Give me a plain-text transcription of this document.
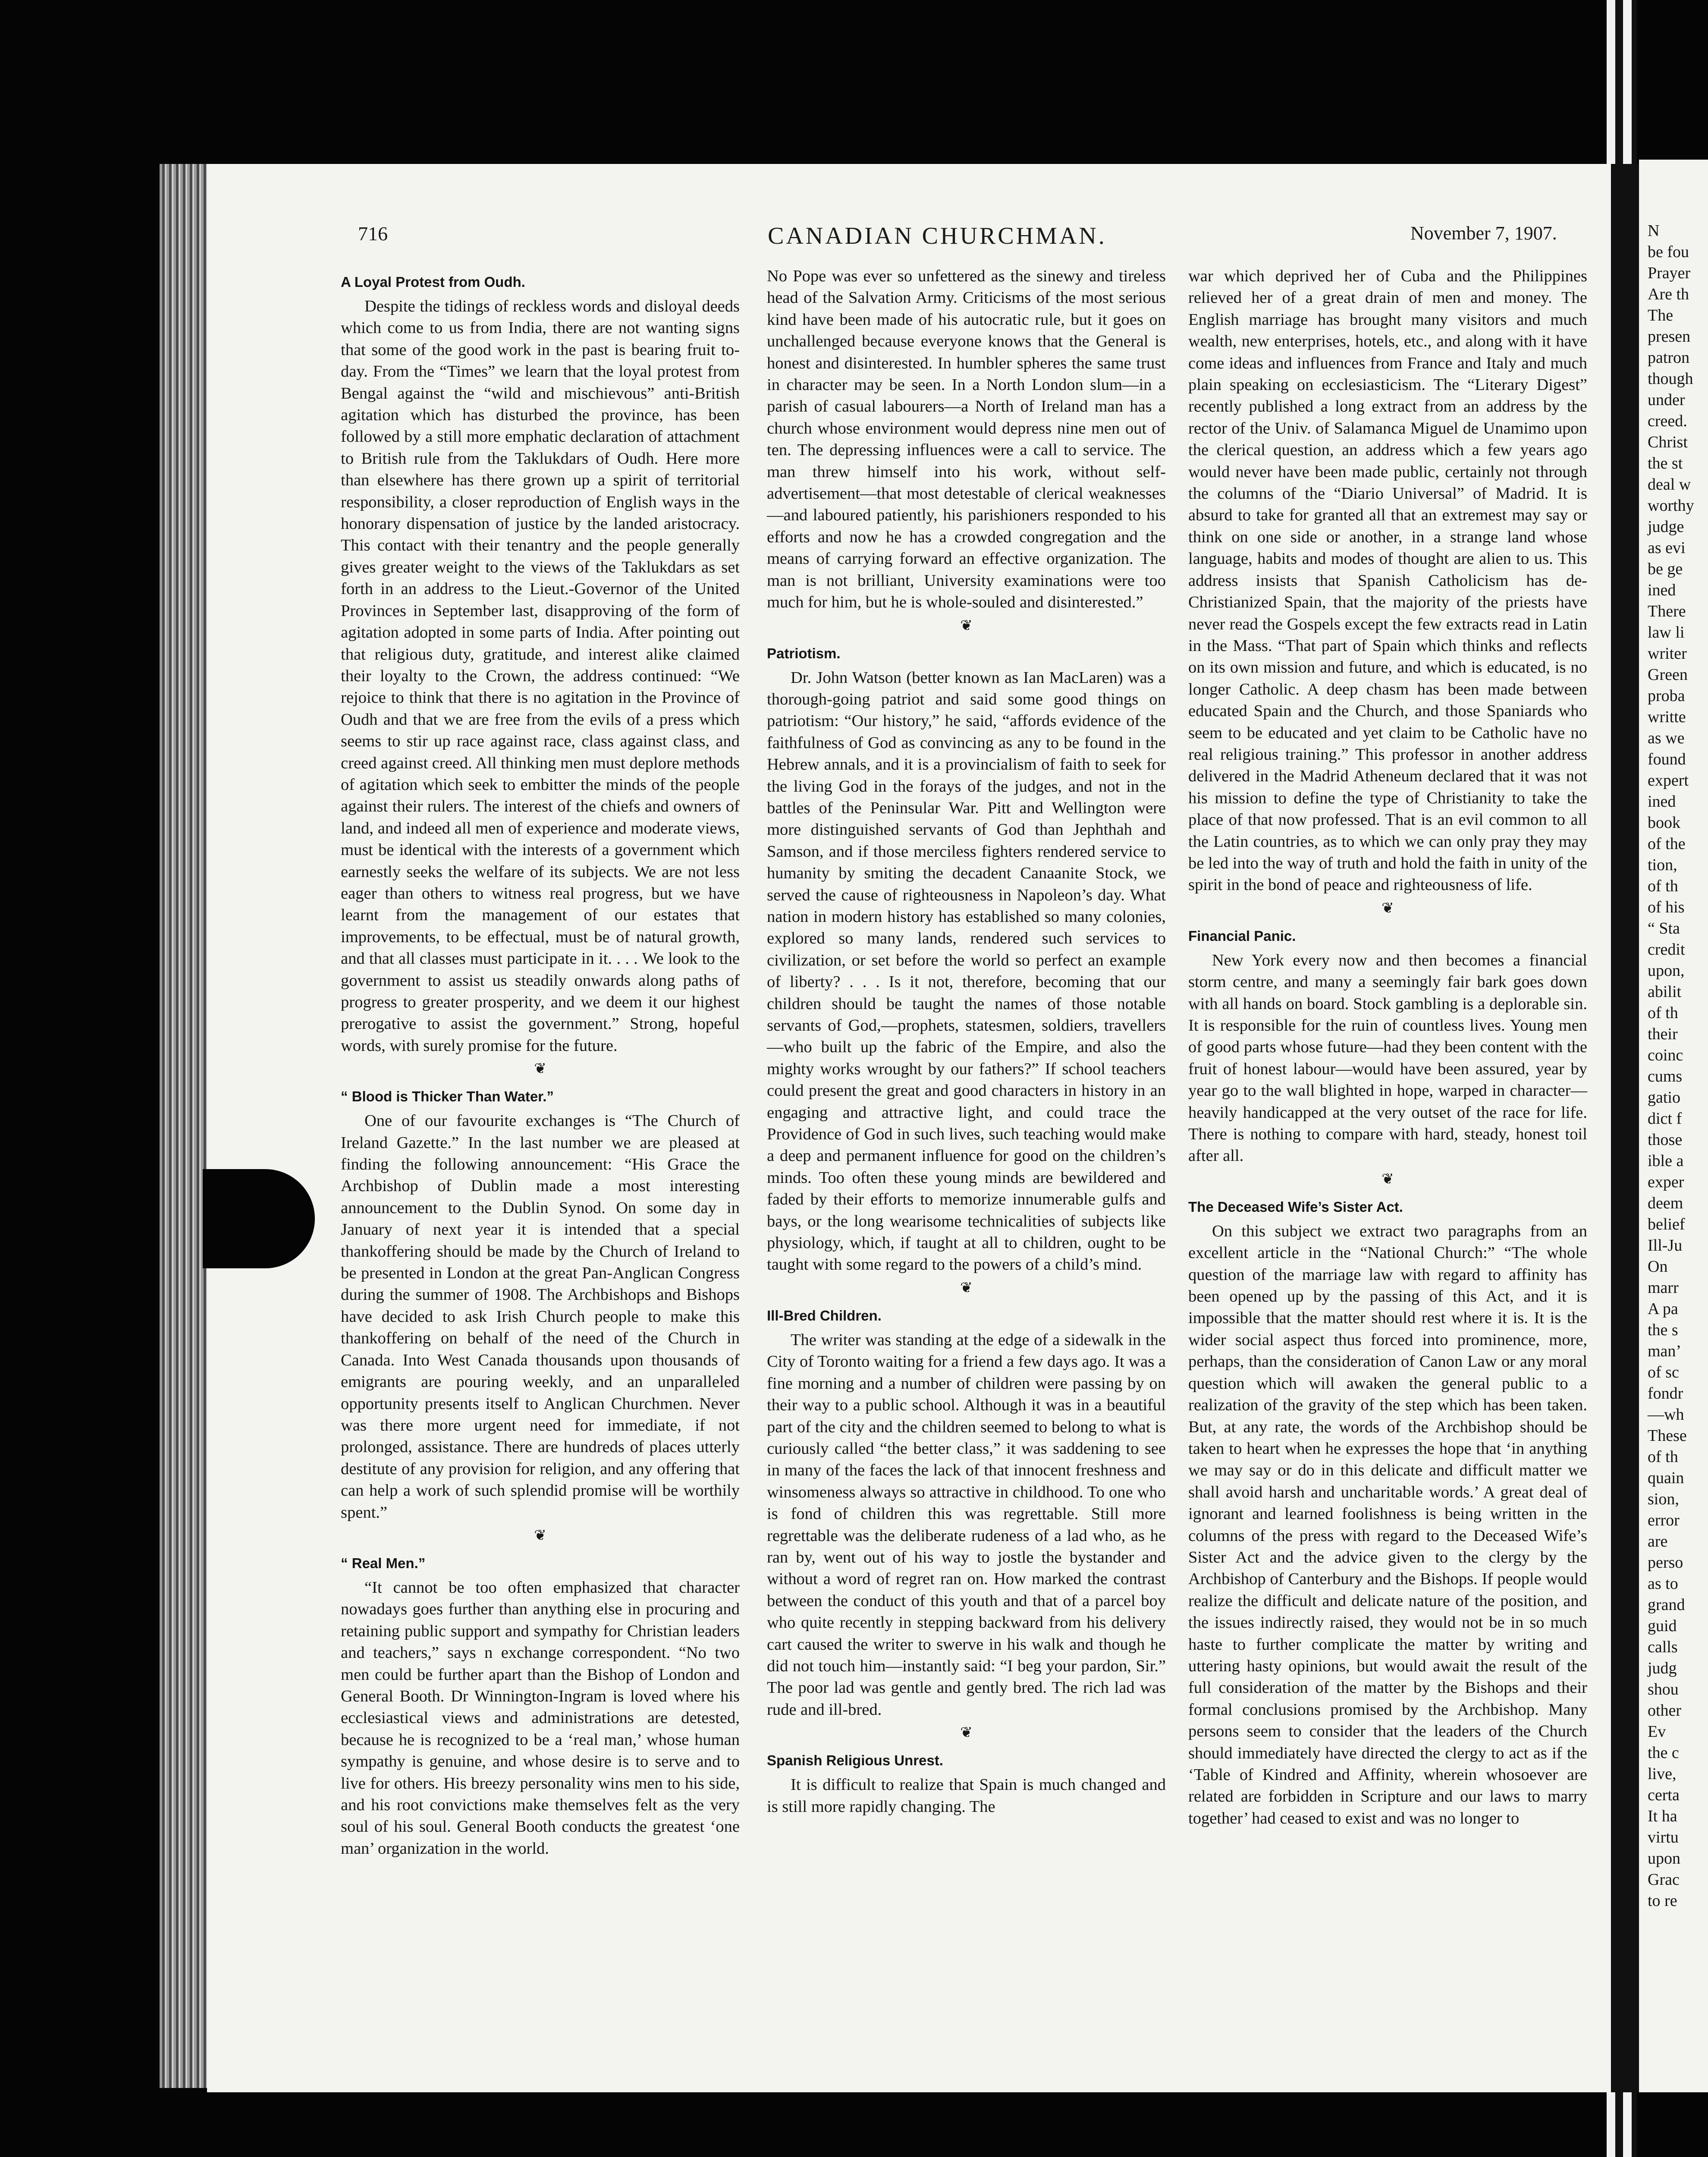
N
be fou
Prayer
Are th
The
presen
patron
though
under
creed.
Christ
the st
deal w
worthy
judge
as evi
be ge
ined
There
law li
writer
Green
proba
writte
as we
found
expert
ined
book
of the
tion,
of th
of his
“ Sta
credit
upon,
abilit
of th
their
coinc
cums
gatio
dict f
those
ible a
exper
deem
belief
Ill-Ju
On
marr
A pa
the s
man’
of sc
fondr
—wh
These
of th
quain
sion,
error
are
perso
as to
grand
guid
calls
judg
shou
other
Ev
the c
live,
certa
It ha
virtu
upon
Grac
to re
716	CANADIAN CHURCHMAN.	November 7, 1907.
A Loyal Protest from Oudh.

Despite the tidings of reckless words and disloyal deeds which come to us from India, there are not wanting signs that some of the good work in the past is bearing fruit to-day. From the “Times” we learn that the loyal protest from Bengal against the “wild and mischievous” anti-British agitation which has disturbed the province, has been followed by a still more emphatic declaration of attachment to British rule from the Taklukdars of Oudh. Here more than elsewhere has there grown up a spirit of territorial responsibility, a closer reproduction of English ways in the honorary dispensation of justice by the landed aristocracy. This contact with their tenantry and the people generally gives greater weight to the views of the Taklukdars as set forth in an address to the Lieut.-Governor of the United Provinces in September last, disapproving of the form of agitation adopted in some parts of India. After pointing out that religious duty, gratitude, and interest alike claimed their loyalty to the Crown, the address continued: “We rejoice to think that there is no agitation in the Province of Oudh and that we are free from the evils of a press which seems to stir up race against race, class against class, and creed against creed. All thinking men must deplore methods of agitation which seek to embitter the minds of the people against their rulers. The interest of the chiefs and owners of land, and indeed all men of experience and moderate views, must be identical with the interests of a government which earnestly seeks the welfare of its subjects. We are not less eager than others to witness real progress, but we have learnt from the management of our estates that improvements, to be effectual, must be of natural growth, and that all classes must participate in it. . . . We look to the government to assist us steadily onwards along paths of progress to greater prosperity, and we deem it our highest prerogative to assist the government.” Strong, hopeful words, with surely promise for the future.

❦
“ Blood is Thicker Than Water.”

One of our favourite exchanges is “The Church of Ireland Gazette.” In the last number we are pleased at finding the following announcement: “His Grace the Archbishop of Dublin made a most interesting announcement to the Dublin Synod. On some day in January of next year it is intended that a special thankoffering should be made by the Church of Ireland to be presented in London at the great Pan-Anglican Congress during the summer of 1908. The Archbishops and Bishops have decided to ask Irish Church people to make this thankoffering on behalf of the need of the Church in Canada. Into West Canada thousands upon thousands of emigrants are pouring weekly, and an unparalleled opportunity presents itself to Anglican Churchmen. Never was there more urgent need for immediate, if not prolonged, assistance. There are hundreds of places utterly destitute of any provision for religion, and any offering that can help a work of such splendid promise will be worthily spent.”

❦
“ Real Men.”

“It cannot be too often emphasized that character nowadays goes further than anything else in procuring and retaining public support and sympathy for Christian leaders and teachers,” says n exchange correspondent. “No two men could be further apart than the Bishop of London and General Booth. Dr Winnington-Ingram is loved where his ecclesiastical views and administrations are detested, because he is recognized to be a ‘real man,’ whose human sympathy is genuine, and whose desire is to serve and to live for others. His breezy personality wins men to his side, and his root convictions make themselves felt as the very soul of his soul. General Booth conducts the greatest ‘one man’ organization in the world.

No Pope was ever so unfettered as the sinewy and tireless head of the Salvation Army. Criticisms of the most serious kind have been made of his autocratic rule, but it goes on unchallenged because everyone knows that the General is honest and disinterested. In humbler spheres the same trust in character may be seen. In a North London slum—in a parish of casual labourers—a North of Ireland man has a church whose environment would depress nine men out of ten. The depressing influences were a call to service. The man threw himself into his work, without self-advertisement—that most detestable of clerical weaknesses—and laboured patiently, his parishioners responded to his efforts and now he has a crowded congregation and the means of carrying forward an effective organization. The man is not brilliant, University examinations were too much for him, but he is whole-souled and disinterested.”

❦
Patriotism.

Dr. John Watson (better known as Ian MacLaren) was a thorough-going patriot and said some good things on patriotism: “Our history,” he said, “affords evidence of the faithfulness of God as convincing as any to be found in the Hebrew annals, and it is a provincialism of faith to seek for the living God in the forays of the judges, and not in the battles of the Peninsular War. Pitt and Wellington were more distinguished servants of God than Jephthah and Samson, and if those merciless fighters rendered service to humanity by smiting the decadent Canaanite Stock, we served the cause of righteousness in Napoleon’s day. What nation in modern history has established so many colonies, explored so many lands, rendered such services to civilization, or set before the world so perfect an example of liberty? . . . Is it not, therefore, becoming that our children should be taught the names of those notable servants of God,—prophets, statesmen, soldiers, travellers—who built up the fabric of the Empire, and also the mighty works wrought by our fathers?” If school teachers could present the great and good characters in history in an engaging and attractive light, and could trace the Providence of God in such lives, such teaching would make a deep and permanent influence for good on the children’s minds. Too often these young minds are bewildered and faded by their efforts to memorize innumerable gulfs and bays, or the long wearisome technicalities of subjects like physiology, which, if taught at all to children, ought to be taught with some regard to the powers of a child’s mind.

❦
Ill-Bred Children.

The writer was standing at the edge of a sidewalk in the City of Toronto waiting for a friend a few days ago. It was a fine morning and a number of children were passing by on their way to a public school. Although it was in a beautiful part of the city and the children seemed to belong to what is curiously called “the better class,” it was saddening to see in many of the faces the lack of that innocent freshness and winsomeness always so attractive in childhood. To one who is fond of children this was regrettable. Still more regrettable was the deliberate rudeness of a lad who, as he ran by, went out of his way to jostle the bystander and without a word of regret ran on. How marked the contrast between the conduct of this youth and that of a parcel boy who quite recently in stepping backward from his delivery cart caused the writer to swerve in his walk and though he did not touch him—instantly said: “I beg your pardon, Sir.” The poor lad was gentle and gently bred. The rich lad was rude and ill-bred.

❦
Spanish Religious Unrest.

It is difficult to realize that Spain is much changed and is still more rapidly changing. The

war which deprived her of Cuba and the Philippines relieved her of a great drain of men and money. The English marriage has brought many visitors and much wealth, new enterprises, hotels, etc., and along with it have come ideas and influences from France and Italy and much plain speaking on ecclesiasticism. The “Literary Digest” recently published a long extract from an address by the rector of the Univ. of Salamanca Miguel de Unamimo upon the clerical question, an address which a few years ago would never have been made public, certainly not through the columns of the “Diario Universal” of Madrid. It is absurd to take for granted all that an extremest may say or think on one side or another, in a strange land whose language, habits and modes of thought are alien to us. This address insists that Spanish Catholicism has de-Christianized Spain, that the majority of the priests have never read the Gospels except the few extracts read in Latin in the Mass. “That part of Spain which thinks and reflects on its own mission and future, and which is educated, is no longer Catholic. A deep chasm has been made between educated Spain and the Church, and those Spaniards who seem to be educated and yet claim to be Catholic have no real religious training.” This professor in another address delivered in the Madrid Atheneum declared that it was not his mission to define the type of Christianity to take the place of that now professed. That is an evil common to all the Latin countries, as to which we can only pray they may be led into the way of truth and hold the faith in unity of the spirit in the bond of peace and righteousness of life.

❦
Financial Panic.

New York every now and then becomes a financial storm centre, and many a seemingly fair bark goes down with all hands on board. Stock gambling is a deplorable sin. It is responsible for the ruin of countless lives. Young men of good parts whose future—had they been content with the fruit of honest labour—would have been assured, year by year go to the wall blighted in hope, warped in character—heavily handicapped at the very outset of the race for life. There is nothing to compare with hard, steady, honest toil after all.

❦
The Deceased Wife’s Sister Act.

On this subject we extract two paragraphs from an excellent article in the “National Church:” “The whole question of the marriage law with regard to affinity has been opened up by the passing of this Act, and it is impossible that the matter should rest where it is. It is the wider social aspect thus forced into prominence, more, perhaps, than the consideration of Canon Law or any moral question which will awaken the general public to a realization of the gravity of the step which has been taken. But, at any rate, the words of the Archbishop should be taken to heart when he expresses the hope that ‘in anything we may say or do in this delicate and difficult matter we shall avoid harsh and uncharitable words.’ A great deal of ignorant and learned foolishness is being written in the columns of the press with regard to the Deceased Wife’s Sister Act and the advice given to the clergy by the Archbishop of Canterbury and the Bishops. If people would realize the difficult and delicate nature of the position, and the issues indirectly raised, they would not be in so much haste to further complicate the matter by writing and uttering hasty opinions, but would await the result of the full consideration of the matter by the Bishops and their formal conclusions promised by the Archbishop. Many persons seem to consider that the leaders of the Church should immediately have directed the clergy to act as if the ‘Table of Kindred and Affinity, wherein whosoever are related are forbidden in Scripture and our laws to marry together’ had ceased to exist and was no longer to
